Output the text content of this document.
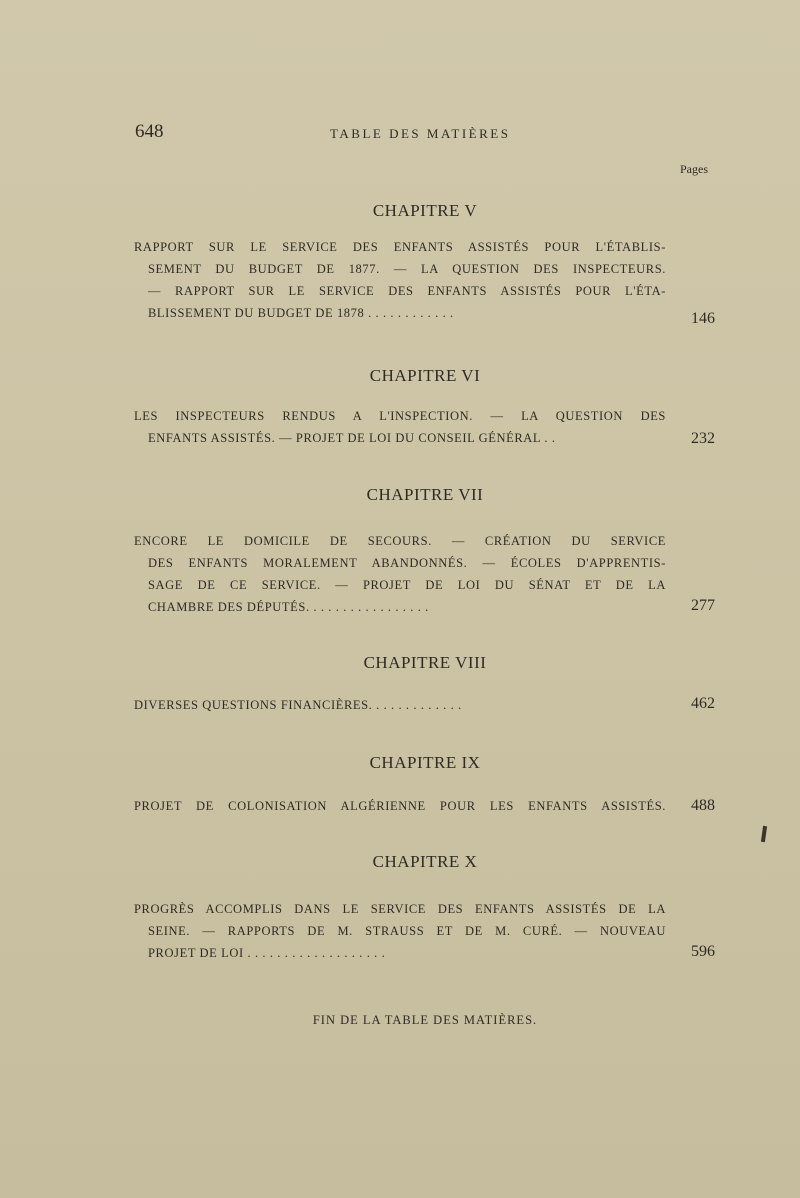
648	TABLE DES MATIÈRES
Pages
CHAPITRE V
RAPPORT SUR LE SERVICE DES ENFANTS ASSISTÉS POUR L'ÉTABLIS-
SEMENT DU BUDGET DE 1877. — LA QUESTION DES INSPECTEURS.
— RAPPORT SUR LE SERVICE DES ENFANTS ASSISTÉS POUR L'ÉTA-
BLISSEMENT DU BUDGET DE 1878 . . . . . . . . . . . .	146
CHAPITRE VI
LES INSPECTEURS RENDUS A L'INSPECTION. — LA QUESTION DES
ENFANTS ASSISTÉS. — PROJET DE LOI DU CONSEIL GÉNÉRAL . .	232
CHAPITRE VII
ENCORE LE DOMICILE DE SECOURS. — CRÉATION DU SERVICE
DES ENFANTS MORALEMENT ABANDONNÉS. — ÉCOLES D'APPRENTIS-
SAGE DE CE SERVICE. — PROJET DE LOI DU SÉNAT ET DE LA
CHAMBRE DES DÉPUTÉS. . . . . . . . . . . . . . . . .	277
CHAPITRE VIII
DIVERSES QUESTIONS FINANCIÈRES. . . . . . . . . . . . .	462
CHAPITRE IX
PROJET DE COLONISATION ALGÉRIENNE POUR LES ENFANTS ASSISTÉS.	488
CHAPITRE X
PROGRÈS ACCOMPLIS DANS LE SERVICE DES ENFANTS ASSISTÉS DE LA
SEINE. — RAPPORTS DE M. STRAUSS ET DE M. CURÉ. — NOUVEAU
PROJET DE LOI . . . . . . . . . . . . . . . . . . .	596
FIN DE LA TABLE DES MATIÈRES.
